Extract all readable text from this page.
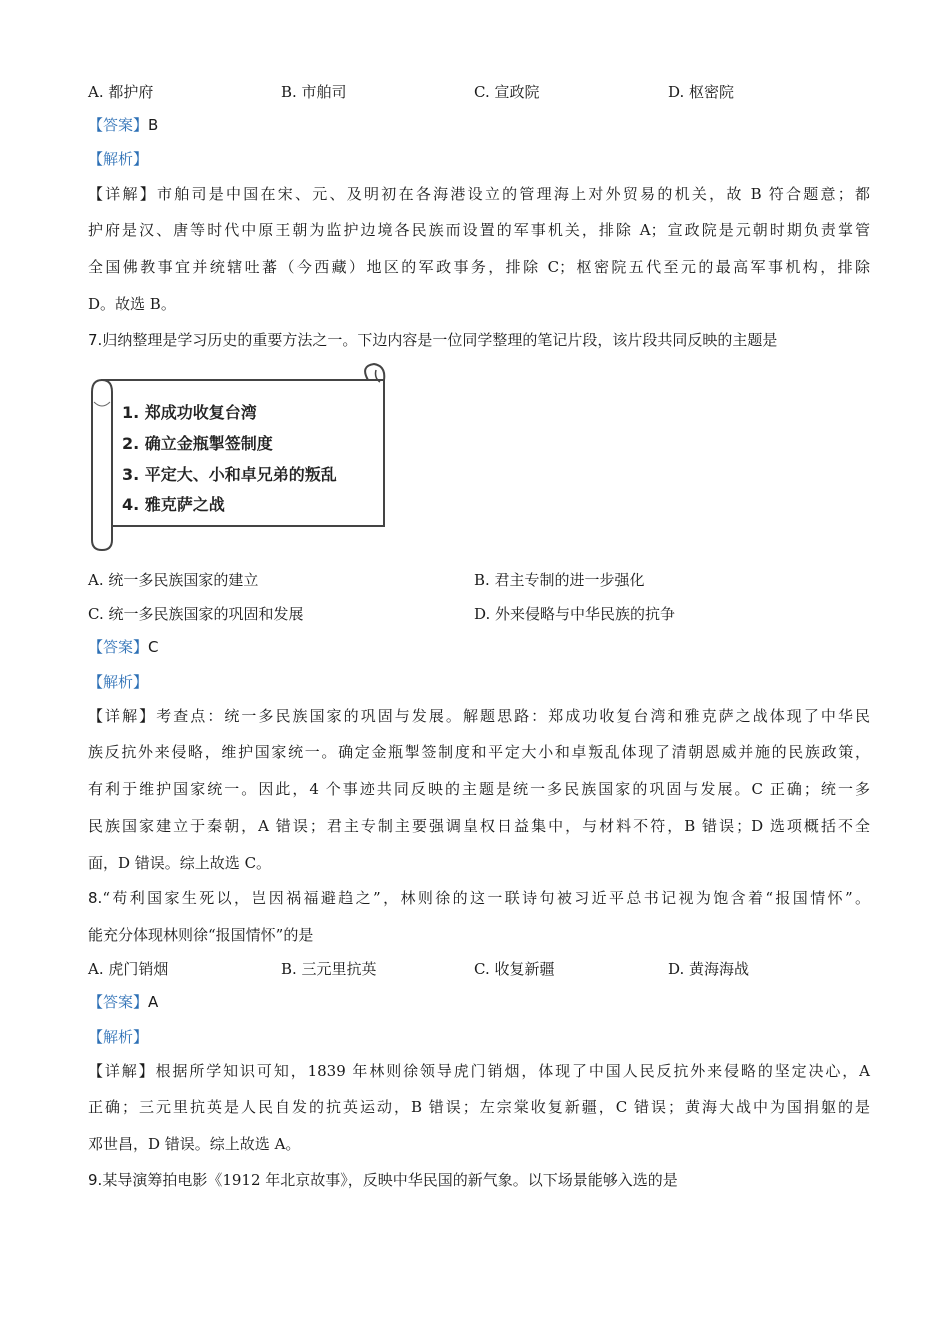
A. 都护府	B. 市舶司	C. 宣政院	D. 枢密院
【答案】B
【解析】
【详解】市舶司是中国在宋、元、及明初在各海港设立的管理海上对外贸易的机关，故 B 符合题意；都
护府是汉、唐等时代中原王朝为监护边境各民族而设置的军事机关，排除 A；宣政院是元朝时期负责掌管
全国佛教事宜并统辖吐蕃（今西藏）地区的军政事务，排除 C；枢密院五代至元的最高军事机构，排除
D。故选 B。
7.归纳整理是学习历史的重要方法之一。下边内容是一位同学整理的笔记片段，该片段共同反映的主题是
1. 郑成功收复台湾
2. 确立金瓶掣签制度
3. 平定大、小和卓兄弟的叛乱
4. 雅克萨之战
A. 统一多民族国家的建立	B. 君主专制的进一步强化
C. 统一多民族国家的巩固和发展	D. 外来侵略与中华民族的抗争
【答案】C
【解析】
【详解】考查点：统一多民族国家的巩固与发展。解题思路：郑成功收复台湾和雅克萨之战体现了中华民
族反抗外来侵略，维护国家统一。确定金瓶掣签制度和平定大小和卓叛乱体现了清朝恩威并施的民族政策，
有利于维护国家统一。因此，4 个事迹共同反映的主题是统一多民族国家的巩固与发展。C 正确；统一多
民族国家建立于秦朝，A 错误；君主专制主要强调皇权日益集中，与材料不符，B 错误；D 选项概括不全
面，D 错误。综上故选 C。
8.“苟利国家生死以，岂因祸福避趋之”，林则徐的这一联诗句被习近平总书记视为饱含着“报国情怀”。
能充分体现林则徐“报国情怀”的是
A. 虎门销烟	B. 三元里抗英	C. 收复新疆	D. 黄海海战
【答案】A
【解析】
【详解】根据所学知识可知，1839 年林则徐领导虎门销烟，体现了中国人民反抗外来侵略的坚定决心，A
正确；三元里抗英是人民自发的抗英运动，B 错误；左宗棠收复新疆，C 错误；黄海大战中为国捐躯的是
邓世昌，D 错误。综上故选 A。
9.某导演筹拍电影《1912 年北京故事》，反映中华民国的新气象。以下场景能够入选的是
